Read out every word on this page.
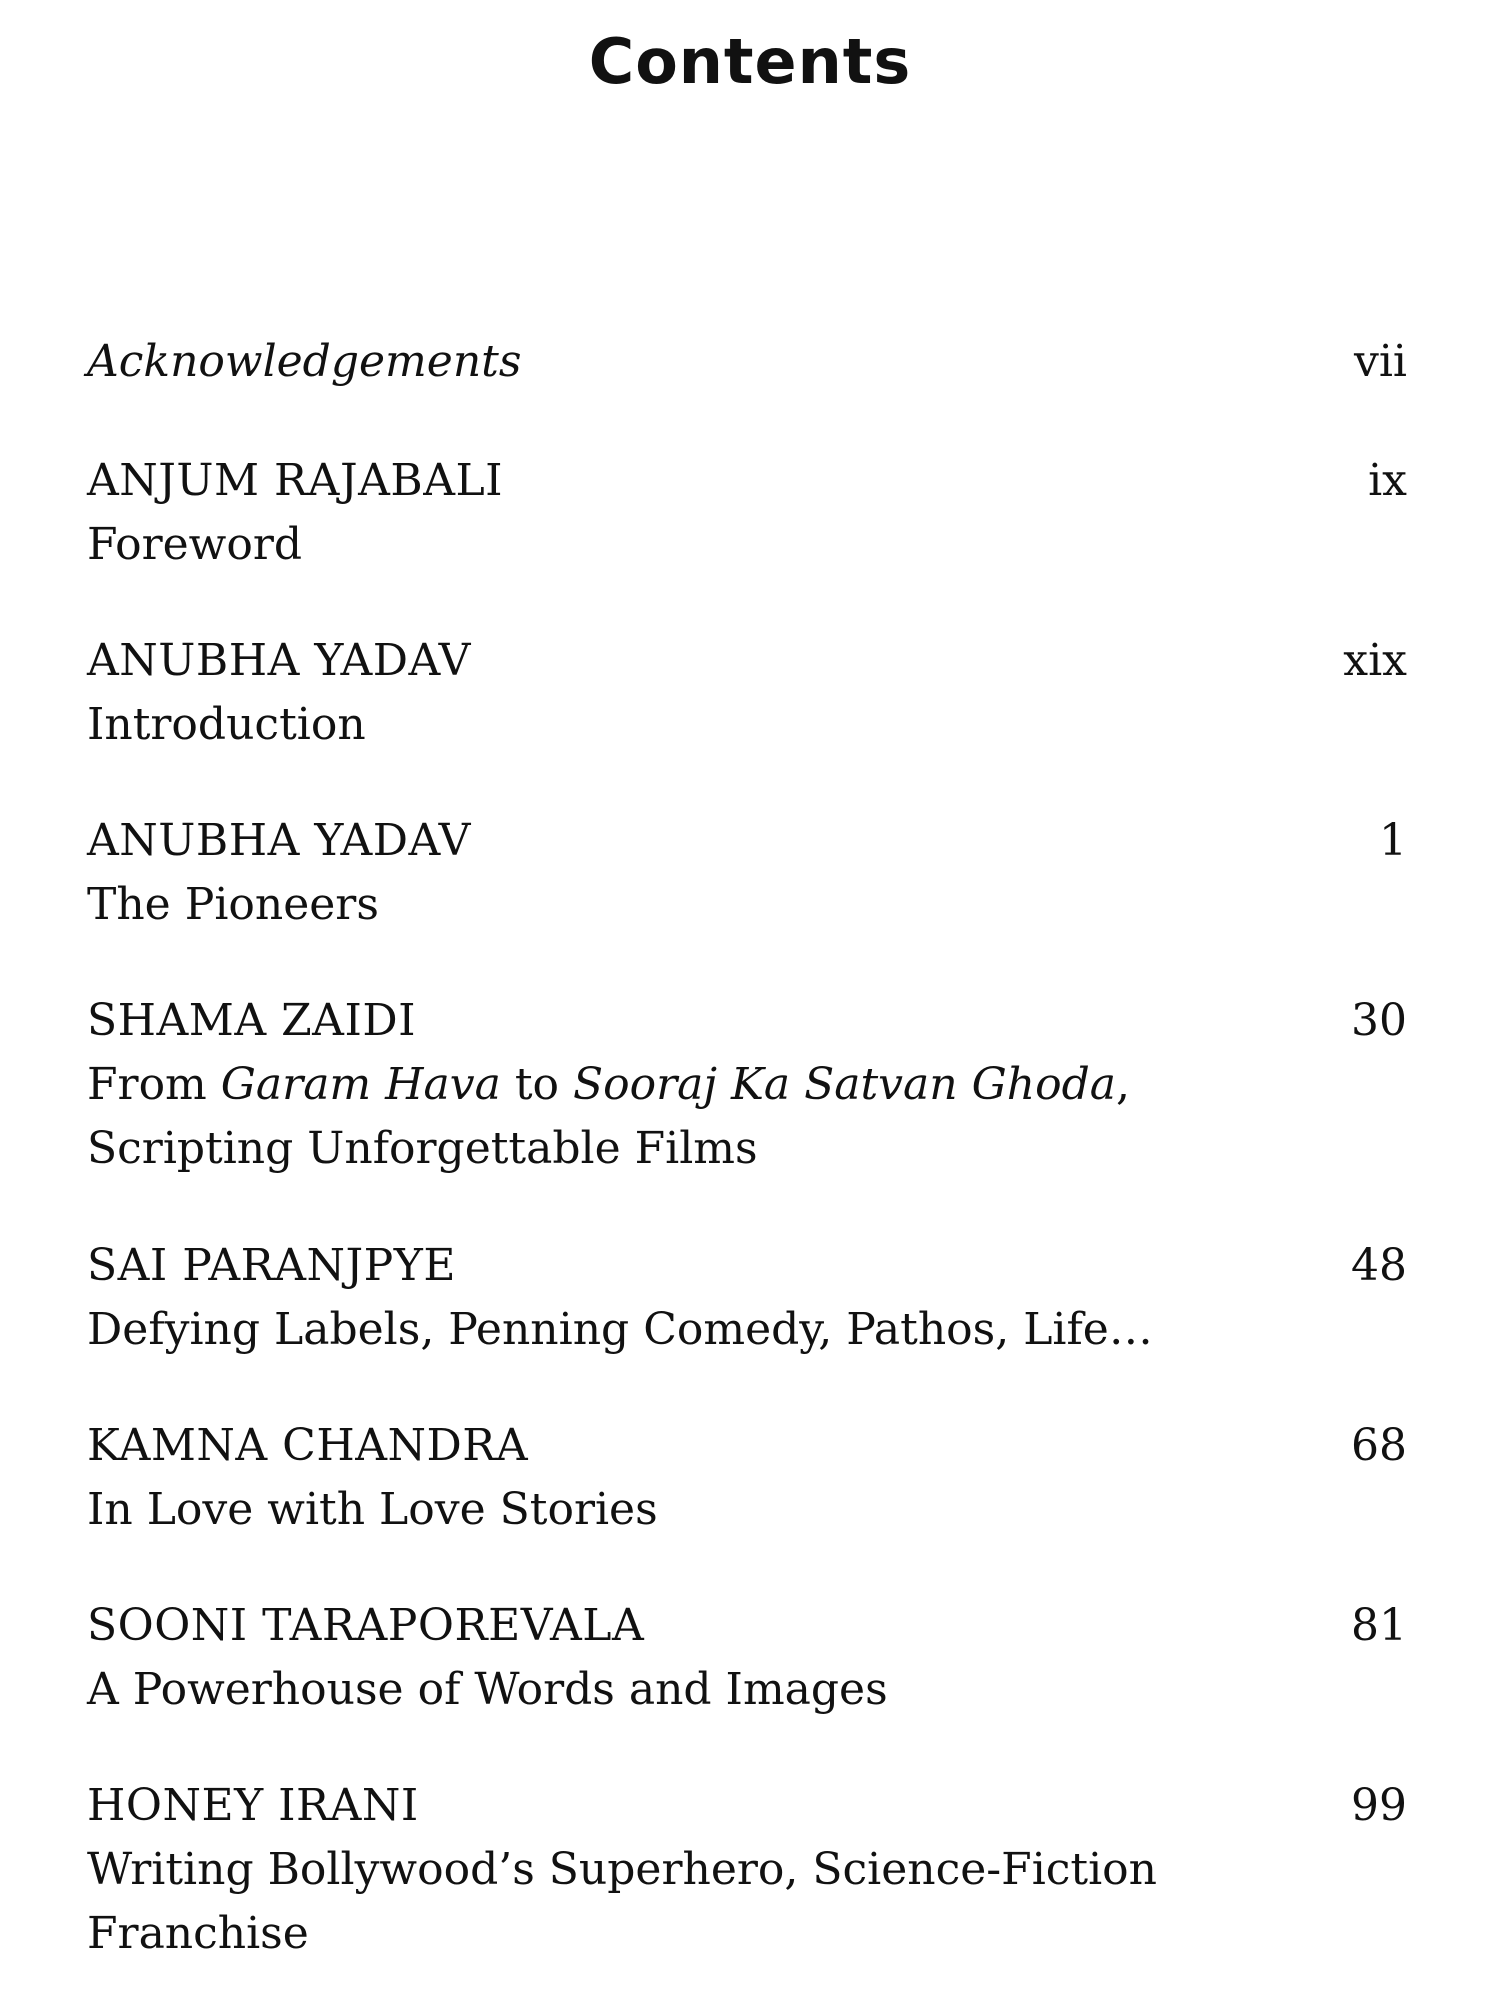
Contents
Acknowledgements	vii
ANJUM RAJABALI	ix
Foreword
ANUBHA YADAV	xix
Introduction
ANUBHA YADAV	1
The Pioneers
SHAMA ZAIDI	30
From Garam Hava to Sooraj Ka Satvan Ghoda,
Scripting Unforgettable Films
SAI PARANJPYE	48
Defying Labels, Penning Comedy, Pathos, Life…
KAMNA CHANDRA	68
In Love with Love Stories
SOONI TARAPOREVALA	81
A Powerhouse of Words and Images
HONEY IRANI	99
Writing Bollywood’s Superhero, Science-Fiction
Franchise
